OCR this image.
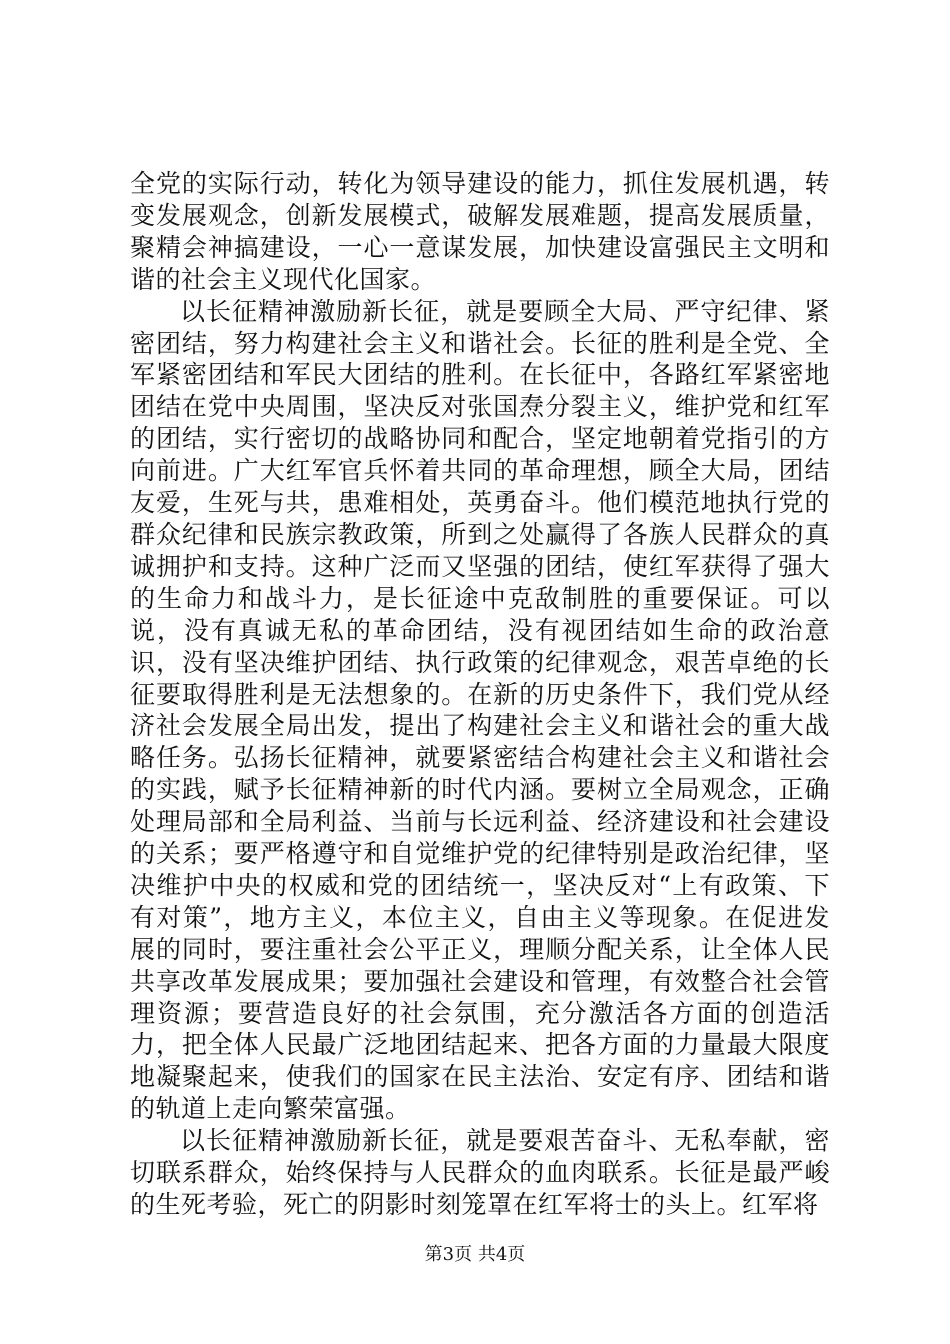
全党的实际行动，转化为领导建设的能力，抓住发展机遇，转变发展观念，创新发展模式，破解发展难题，提高发展质量，聚精会神搞建设，一心一意谋发展，加快建设富强民主文明和谐的社会主义现代化国家。

以长征精神激励新长征，就是要顾全大局、严守纪律、紧密团结，努力构建社会主义和谐社会。长征的胜利是全党、全军紧密团结和军民大团结的胜利。在长征中，各路红军紧密地团结在党中央周围，坚决反对张国焘分裂主义，维护党和红军的团结，实行密切的战略协同和配合，坚定地朝着党指引的方向前进。广大红军官兵怀着共同的革命理想，顾全大局，团结友爱，生死与共，患难相处，英勇奋斗。他们模范地执行党的群众纪律和民族宗教政策，所到之处赢得了各族人民群众的真诚拥护和支持。这种广泛而又坚强的团结，使红军获得了强大的生命力和战斗力，是长征途中克敌制胜的重要保证。可以说，没有真诚无私的革命团结，没有视团结如生命的政治意识，没有坚决维护团结、执行政策的纪律观念，艰苦卓绝的长征要取得胜利是无法想象的。在新的历史条件下，我们党从经济社会发展全局出发，提出了构建社会主义和谐社会的重大战略任务。弘扬长征精神，就要紧密结合构建社会主义和谐社会的实践，赋予长征精神新的时代内涵。要树立全局观念，正确处理局部和全局利益、当前与长远利益、经济建设和社会建设的关系；要严格遵守和自觉维护党的纪律特别是政治纪律，坚决维护中央的权威和党的团结统一，坚决反对“上有政策、下有对策”，地方主义，本位主义，自由主义等现象。在促进发展的同时，要注重社会公平正义，理顺分配关系，让全体人民共享改革发展成果；要加强社会建设和管理，有效整合社会管理资源；要营造良好的社会氛围，充分激活各方面的创造活力，把全体人民最广泛地团结起来、把各方面的力量最大限度地凝聚起来，使我们的国家在民主法治、安定有序、团结和谐的轨道上走向繁荣富强。

以长征精神激励新长征，就是要艰苦奋斗、无私奉献，密切联系群众，始终保持与人民群众的血肉联系。长征是最严峻的生死考验，死亡的阴影时刻笼罩在红军将士的头上。红军将

第3页 共4页
